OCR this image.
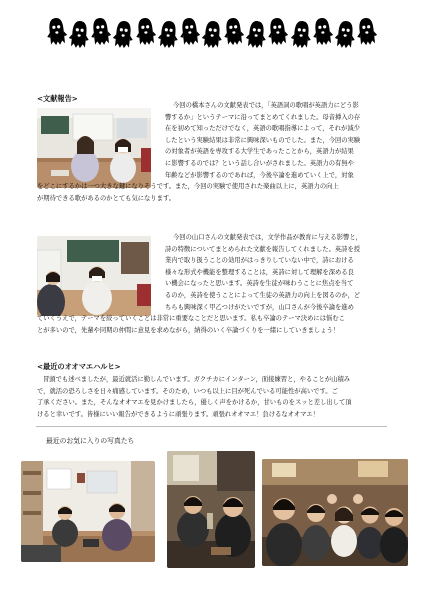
<文献報告>

今回の橋本さんの文献発表では，「英語詞の歌唱が英語力にどう影

響するか」というテーマに沿ってまとめてくれました。母音挿入の存

在を初めて知っただけでなく，英語の歌唱指導によって，それが減少

したという実験結果は非常に興味深いものでした。また，今回の実験

の対象者が英語を専攻する大学生であったことから，英語力が結果

に影響するのでは？という話し合いがされました。英語力の有無や

年齢などが影響するのであれば，今後卒論を進めていく上で，対象

をどこにするかは一つ大きな鍵になりそうです。また，今回の実験で使用された楽曲以上に，英語力の向上

が期待できる歌があるのかとても気になります。

今回の山口さんの文献発表では，文学作品が教育に与える影響と，

詩の特徴についてまとめられた文献を報告してくれました。英詩を授

業内で取り扱うことの効用がはっきりしていない中で，詩における

様々な形式や機能を整理することは，英詩に対して理解を深める良

い機会になったと思います。英詩を生徒が味わうことに焦点を当て

るのか，英詩を使うことによって生徒の英語力の向上を図るのか，ど

ちらも興味深く甲乙つけがたいですが，山口さんが今後卒論を進め

ていくうえで，テーマを絞っていくことは非常に重要なことだと思います。私も卒論のテーマ決めには悩むこ

とが多いので，先輩や同期の仲間に意見を求めながら，納得のいく卒論づくりを一緒にしていきましょう！

<最近のオオマエハルヒ>

冒頭でも述べましたが，最近就活に勤しんでいます。ガクチカにインターン，面接練習と，やることが山積み

で，就活の恐ろしさを日々痛感しています。そのため，いつも以上に目が死んでいる可能性が高いです。ご

了承ください。また，そんなオオマエを見かけましたら，優しく声をかけるか，甘いものをスッと差し出して頂

けると幸いです。皆様にいい報告ができるように頑張ります。頑張れオオマエ！負けるなオオマエ！

最近のお気に入りの写真たち
